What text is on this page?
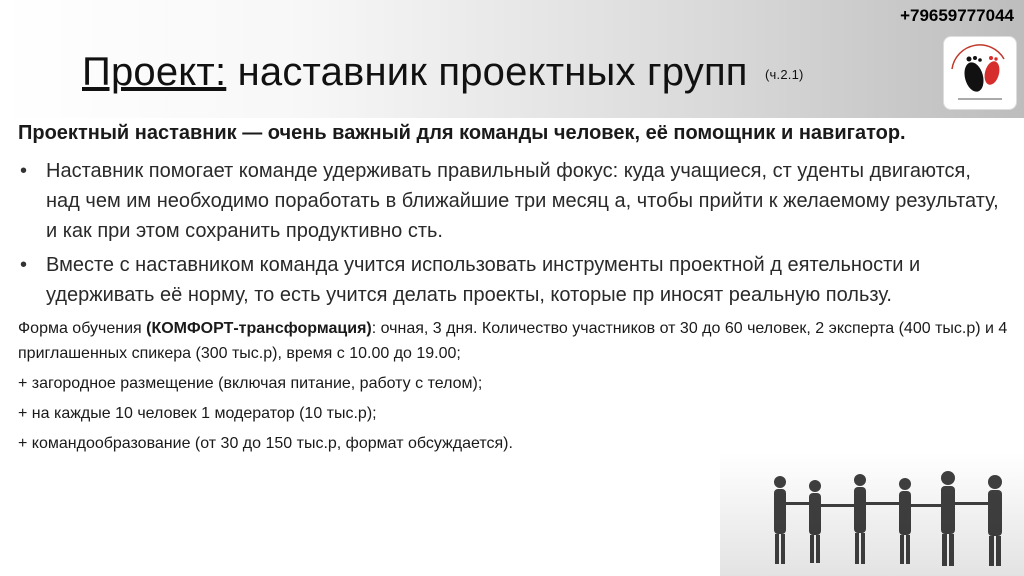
+79659777044
Проект: наставник проектных групп (ч.2.1)

Проектный наставник — очень важный для команды человек, её помощник и навигатор.

• Наставник помогает команде удерживать правильный фокус: куда учащиеся, ст уденты двигаются, над чем им необходимо поработать в ближайшие три месяц а, чтобы прийти к желаемому результату, и как при этом сохранить продуктивно сть.
• Вместе с наставником команда учится использовать инструменты проектной д еятельности и удерживать её норму, то есть учится делать проекты, которые пр иносят реальную пользу.

Форма обучения (КОМФОРТ-трансформация): очная, 3 дня. Количество участников от 30 до 60 человек, 2 эксперта (400 тыс.р) и 4 приглашенных спикера (300 тыс.р), время с 10.00 до 19.00;

+ загородное размещение (включая питание, работу с телом);

+ на каждые 10 человек 1 модератор (10 тыс.р);

+ командообразование (от 30 до 150 тыс.р, формат обсуждается).
